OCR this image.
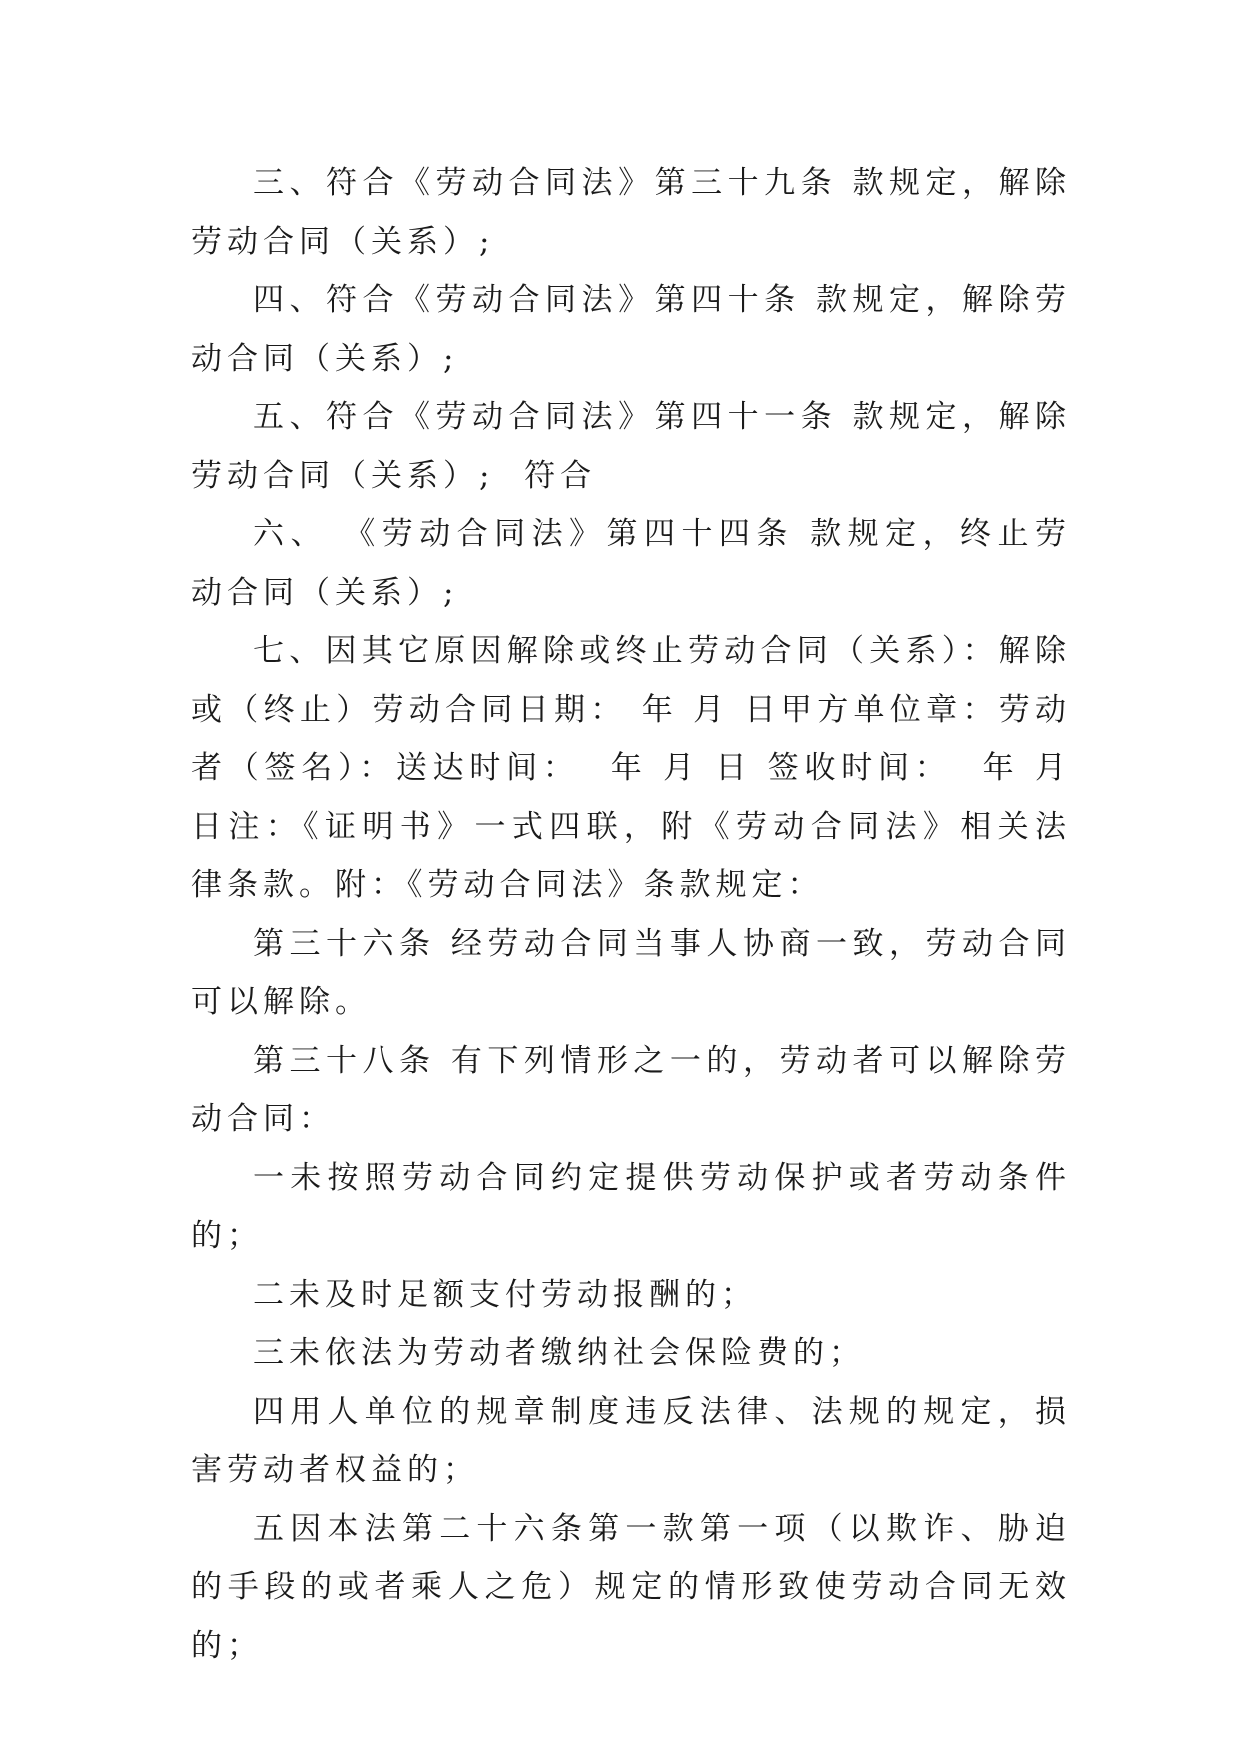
三、符合《劳动合同法》第三十九条 款规定，解除劳动合同（关系）;

四、符合《劳动合同法》第四十条 款规定，解除劳动合同（关系）;

五、符合《劳动合同法》第四十一条 款规定，解除劳动合同（关系）;  符合

六、 《劳动合同法》第四十四条 款规定，终止劳动合同（关系）;

七、因其它原因解除或终止劳动合同（关系）：解除或（终止）劳动合同日期： 年 月 日甲方单位章：劳动者（签名）：送达时间：  年 月 日 签收时间：  年 月 日注：《证明书》一式四联，附《劳动合同法》相关法律条款。附：《劳动合同法》条款规定：

第三十六条 经劳动合同当事人协商一致，劳动合同可以解除。

第三十八条 有下列情形之一的，劳动者可以解除劳动合同：

一未按照劳动合同约定提供劳动保护或者劳动条件的；

二未及时足额支付劳动报酬的；

三未依法为劳动者缴纳社会保险费的；

四用人单位的规章制度违反法律、法规的规定，损害劳动者权益的；

五因本法第二十六条第一款第一项（以欺诈、胁迫的手段的或者乘人之危）规定的情形致使劳动合同无效的；
